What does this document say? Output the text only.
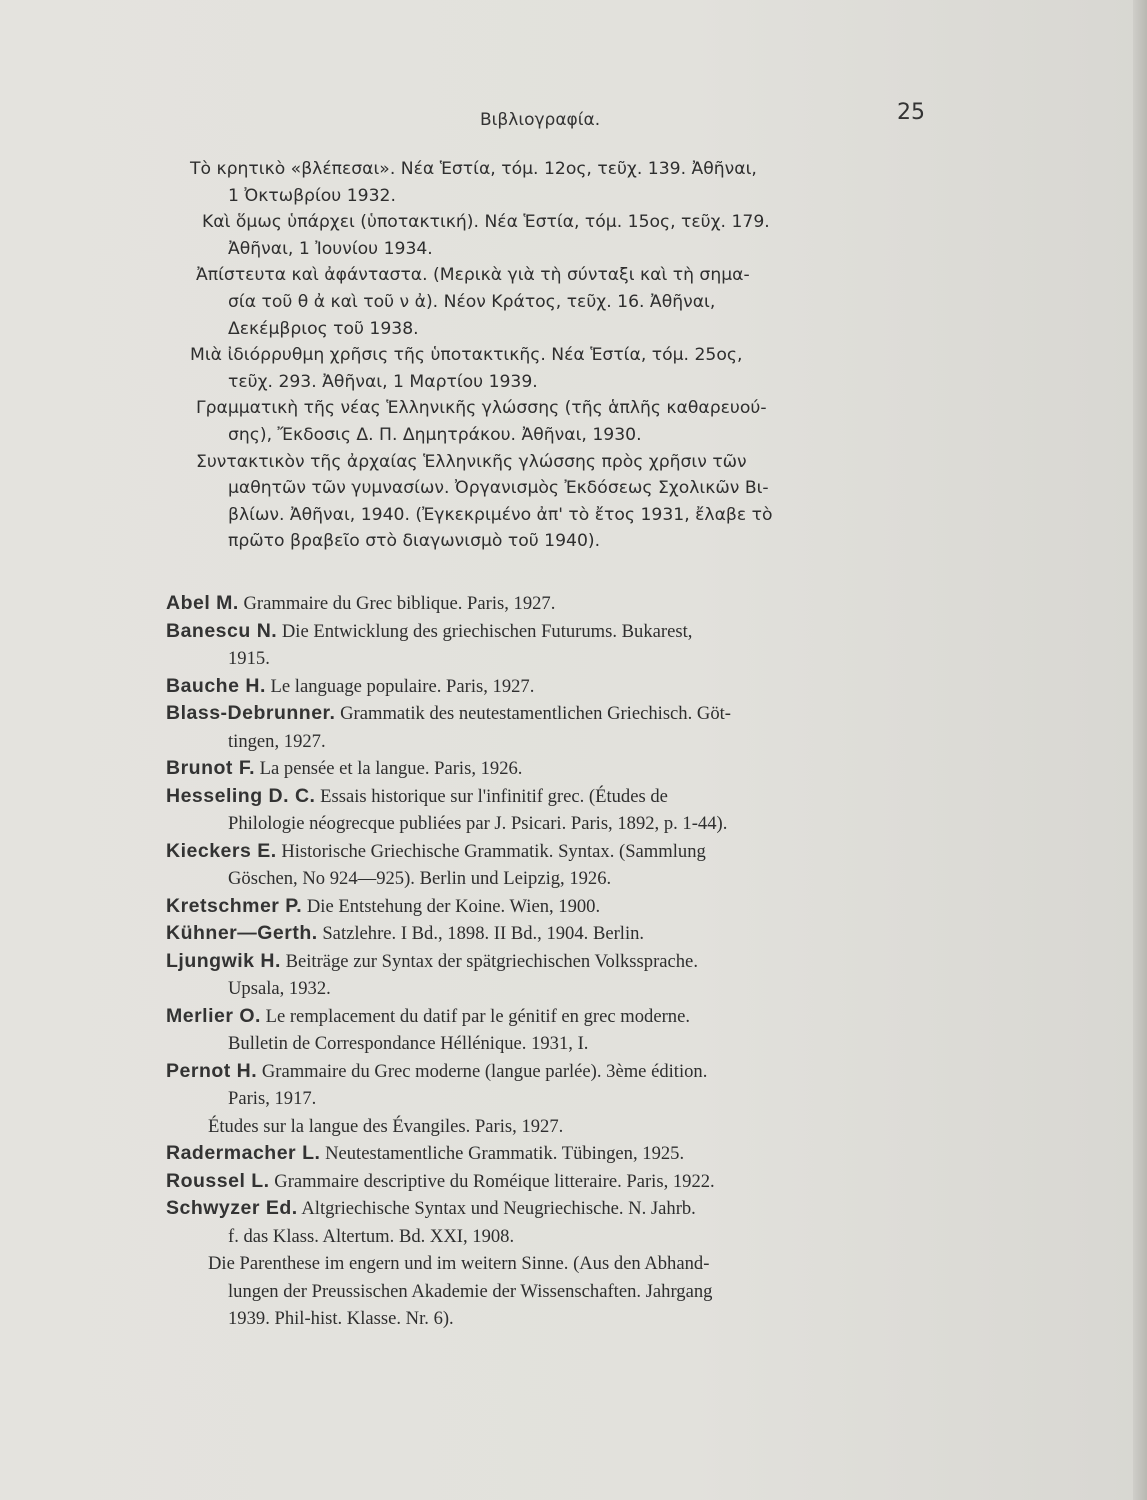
Βιβλιογραφία.	25
Τὸ κρητικὸ «βλέπεσαι». Νέα Ἑστία, τόμ. 12ος, τεῦχ. 139. Ἀθῆναι,
1 Ὀκτωβρίου 1932.
Καὶ ὅμως ὑπάρχει (ὑποτακτική). Νέα Ἑστία, τόμ. 15ος, τεῦχ. 179.
Ἀθῆναι, 1 Ἰουνίου 1934.
Ἀπίστευτα καὶ ἀφάνταστα. (Μερικὰ γιὰ τὴ σύνταξι καὶ τὴ σημα-
σία τοῦ θ ἀ καὶ τοῦ ν ἀ). Νέον Κράτος, τεῦχ. 16. Ἀθῆναι,
Δεκέμβριος τοῦ 1938.
Μιὰ ἰδιόρρυθμη χρῆσις τῆς ὑποτακτικῆς. Νέα Ἑστία, τόμ. 25ος,
τεῦχ. 293. Ἀθῆναι, 1 Μαρτίου 1939.
Γραμματικὴ τῆς νέας Ἑλληνικῆς γλώσσης (τῆς ἁπλῆς καθαρευού-
σης), Ἔκδοσις Δ. Π. Δημητράκου. Ἀθῆναι, 1930.
Συντακτικὸν τῆς ἀρχαίας Ἑλληνικῆς γλώσσης πρὸς χρῆσιν τῶν
μαθητῶν τῶν γυμνασίων. Ὀργανισμὸς Ἐκδόσεως Σχολικῶν Βι-
βλίων. Ἀθῆναι, 1940. (Ἐγκεκριμένο ἀπ' τὸ ἔτος 1931, ἔλαβε τὸ
πρῶτο βραβεῖο στὸ διαγωνισμὸ τοῦ 1940).
Abel M. Grammaire du Grec biblique. Paris, 1927.
Banescu N. Die Entwicklung des griechischen Futurums. Bukarest,
1915.
Bauche H. Le language populaire. Paris, 1927.
Blass-Debrunner. Grammatik des neutestamentlichen Griechisch. Göt-
tingen, 1927.
Brunot F. La pensée et la langue. Paris, 1926.
Hesseling D. C. Essais historique sur l'infinitif grec. (Études de
Philologie néogrecque publiées par J. Psicari. Paris, 1892, p. 1-44).
Kieckers E. Historische Griechische Grammatik. Syntax. (Sammlung
Göschen, No 924—925). Berlin und Leipzig, 1926.
Kretschmer P. Die Entstehung der Koine. Wien, 1900.
Kühner—Gerth. Satzlehre. I Bd., 1898. II Bd., 1904. Berlin.
Ljungwik H. Beiträge zur Syntax der spätgriechischen Volkssprache.
Upsala, 1932.
Merlier O. Le remplacement du datif par le génitif en grec moderne.
Bulletin de Correspondance Héllénique. 1931, I.
Pernot H. Grammaire du Grec moderne (langue parlée). 3ème édition.
Paris, 1917.
Études sur la langue des Évangiles. Paris, 1927.
Radermacher L. Neutestamentliche Grammatik. Tübingen, 1925.
Roussel L. Grammaire descriptive du Roméique litteraire. Paris, 1922.
Schwyzer Ed. Altgriechische Syntax und Neugriechische. N. Jahrb.
f. das Klass. Altertum. Bd. XXI, 1908.
Die Parenthese im engern und im weitern Sinne. (Aus den Abhand-
lungen der Preussischen Akademie der Wissenschaften. Jahrgang
1939. Phil-hist. Klasse. Nr. 6).
